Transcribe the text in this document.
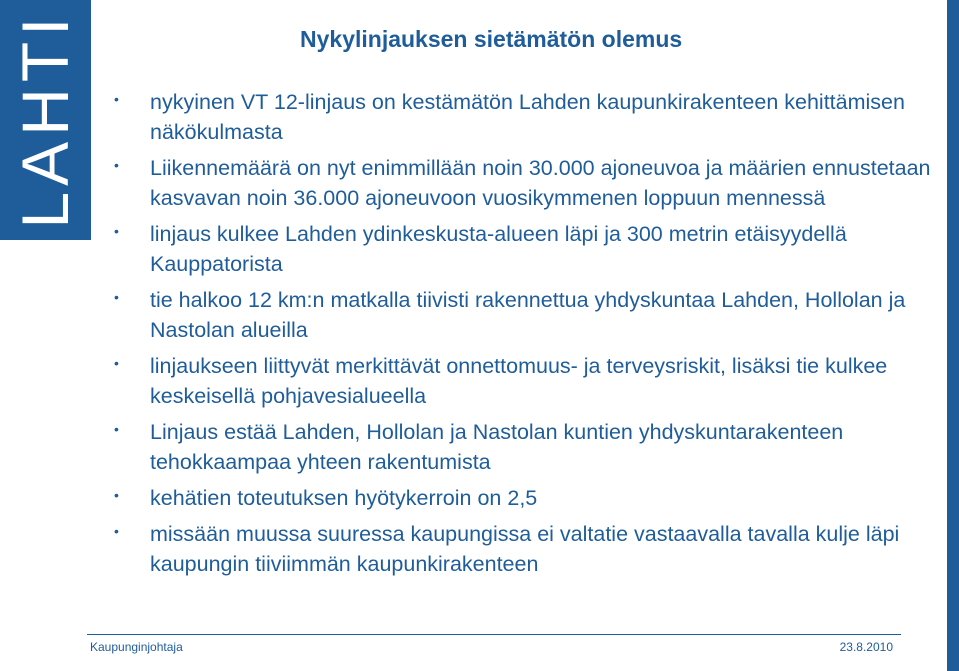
LAHTI	Nykylinjauksen sietämätön olemus
• nykyinen VT 12-linjaus on kestämätön Lahden kaupunkirakenteen kehittämisen näkökulmasta
• Liikennemäärä on nyt enimmillään noin 30.000 ajoneuvoa ja määrien ennustetaan kasvavan noin 36.000 ajoneuvoon vuosikymmenen loppuun mennessä
• linjaus kulkee Lahden ydinkeskusta-alueen läpi ja 300 metrin etäisyydellä Kauppatorista
• tie halkoo 12 km:n matkalla tiivisti rakennettua yhdyskuntaa Lahden, Hollolan ja Nastolan alueilla
• linjaukseen liittyvät merkittävät onnettomuus- ja terveysriskit, lisäksi tie kulkee keskeisellä pohjavesialueella
• Linjaus estää Lahden, Hollolan ja Nastolan kuntien yhdyskuntarakenteen tehokkaampaa yhteen rakentumista
• kehätien toteutuksen hyötykerroin on 2,5
• missään muussa suuressa kaupungissa ei valtatie vastaavalla tavalla kulje läpi kaupungin tiiviimmän kaupunkirakenteen
Kaupunginjohtaja	23.8.2010
